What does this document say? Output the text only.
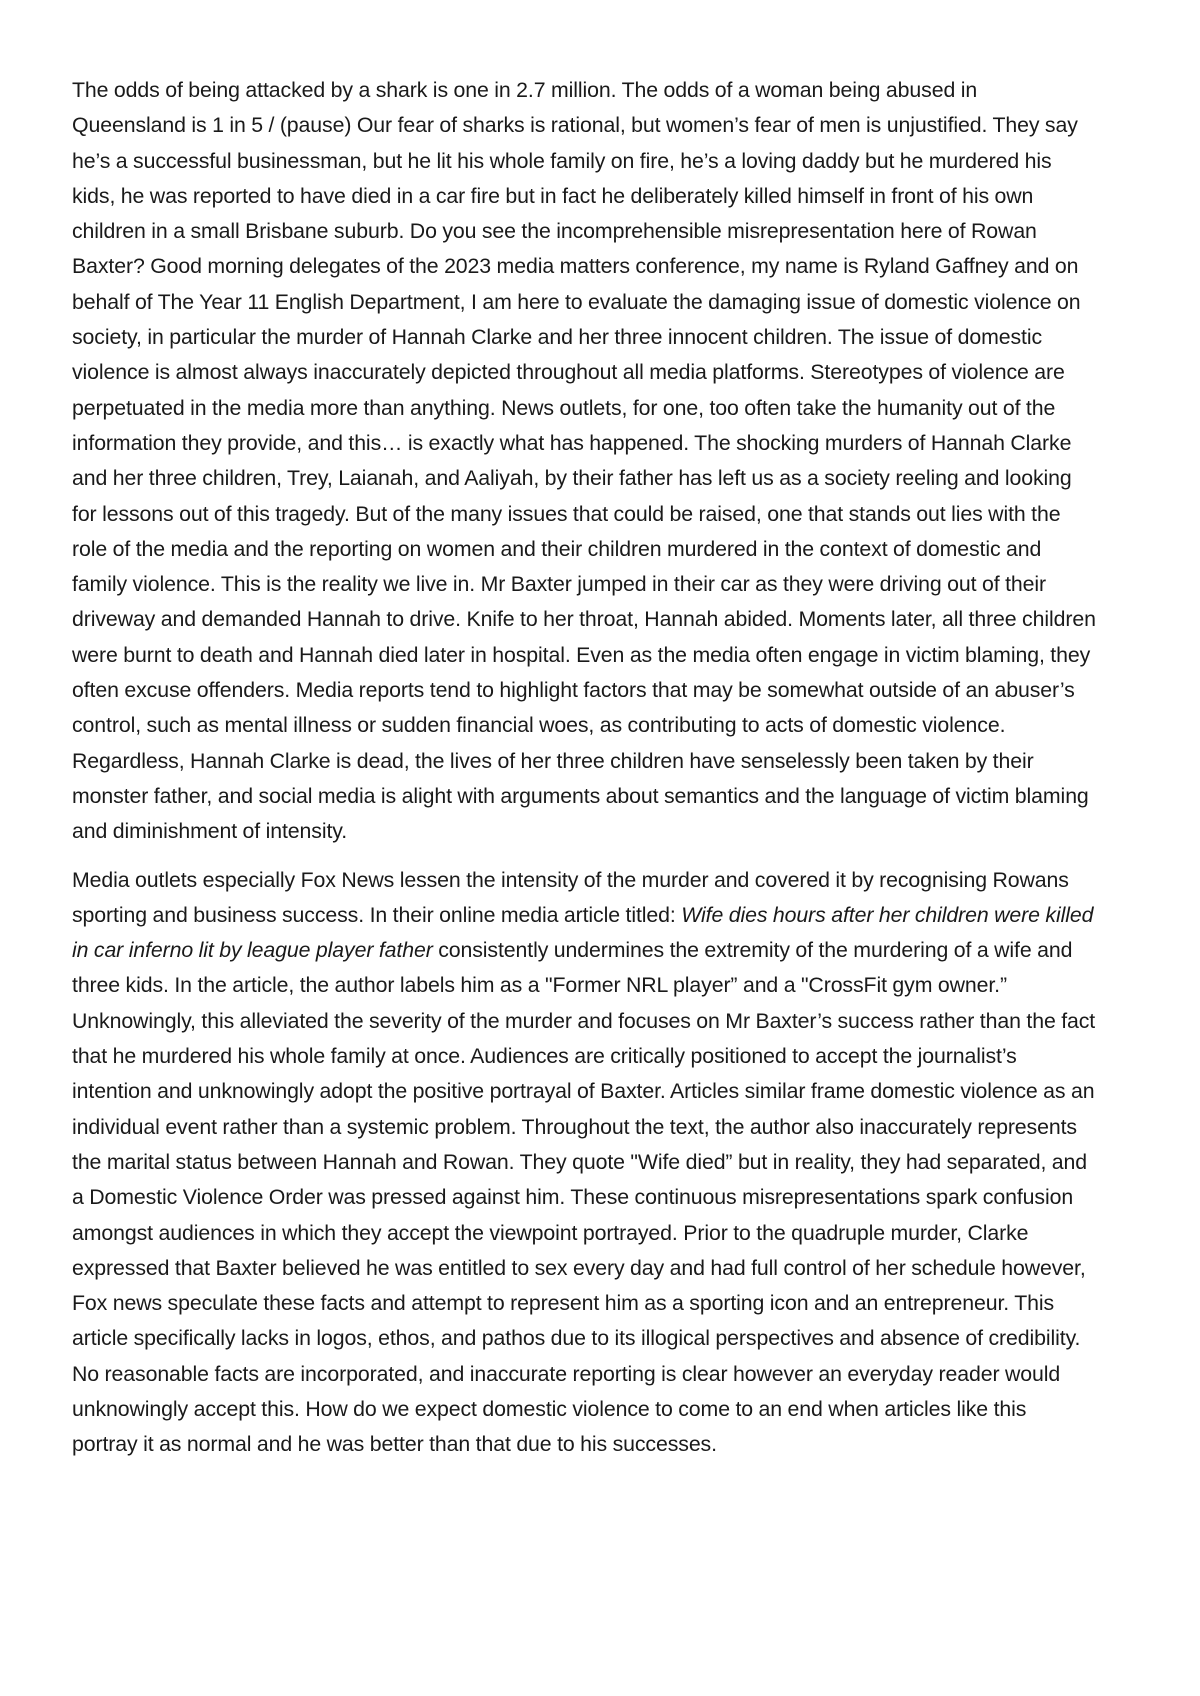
The odds of being attacked by a shark is one in 2.7 million. The odds of a woman being abused in Queensland is 1 in 5 / (pause) Our fear of sharks is rational, but women’s fear of men is unjustified. They say he’s a successful businessman, but he lit his whole family on fire, he’s a loving daddy but he murdered his kids, he was reported to have died in a car fire but in fact he deliberately killed himself in front of his own children in a small Brisbane suburb. Do you see the incomprehensible misrepresentation here of Rowan Baxter? Good morning delegates of the 2023 media matters conference, my name is Ryland Gaffney and on behalf of The Year 11 English Department, I am here to evaluate the damaging issue of domestic violence on society, in particular the murder of Hannah Clarke and her three innocent children. The issue of domestic violence is almost always inaccurately depicted throughout all media platforms. Stereotypes of violence are perpetuated in the media more than anything. News outlets, for one, too often take the humanity out of the information they provide, and this… is exactly what has happened. The shocking murders of Hannah Clarke and her three children, Trey, Laianah, and Aaliyah, by their father has left us as a society reeling and looking for lessons out of this tragedy. But of the many issues that could be raised, one that stands out lies with the role of the media and the reporting on women and their children murdered in the context of domestic and family violence. This is the reality we live in. Mr Baxter jumped in their car as they were driving out of their driveway and demanded Hannah to drive. Knife to her throat, Hannah abided. Moments later, all three children were burnt to death and Hannah died later in hospital. Even as the media often engage in victim blaming, they often excuse offenders. Media reports tend to highlight factors that may be somewhat outside of an abuser’s control, such as mental illness or sudden financial woes, as contributing to acts of domestic violence. Regardless, Hannah Clarke is dead, the lives of her three children have senselessly been taken by their monster father, and social media is alight with arguments about semantics and the language of victim blaming and diminishment of intensity.

Media outlets especially Fox News lessen the intensity of the murder and covered it by recognising Rowans sporting and business success. In their online media article titled: Wife dies hours after her children were killed in car inferno lit by league player father consistently undermines the extremity of the murdering of a wife and three kids. In the article, the author labels him as a "Former NRL player” and a "CrossFit gym owner.” Unknowingly, this alleviated the severity of the murder and focuses on Mr Baxter’s success rather than the fact that he murdered his whole family at once. Audiences are critically positioned to accept the journalist’s intention and unknowingly adopt the positive portrayal of Baxter. Articles similar frame domestic violence as an individual event rather than a systemic problem. Throughout the text, the author also inaccurately represents the marital status between Hannah and Rowan. They quote "Wife died” but in reality, they had separated, and a Domestic Violence Order was pressed against him. These continuous misrepresentations spark confusion amongst audiences in which they accept the viewpoint portrayed. Prior to the quadruple murder, Clarke expressed that Baxter believed he was entitled to sex every day and had full control of her schedule however, Fox news speculate these facts and attempt to represent him as a sporting icon and an entrepreneur. This article specifically lacks in logos, ethos, and pathos due to its illogical perspectives and absence of credibility. No reasonable facts are incorporated, and inaccurate reporting is clear however an everyday reader would unknowingly accept this. How do we expect domestic violence to come to an end when articles like this portray it as normal and he was better than that due to his successes.
